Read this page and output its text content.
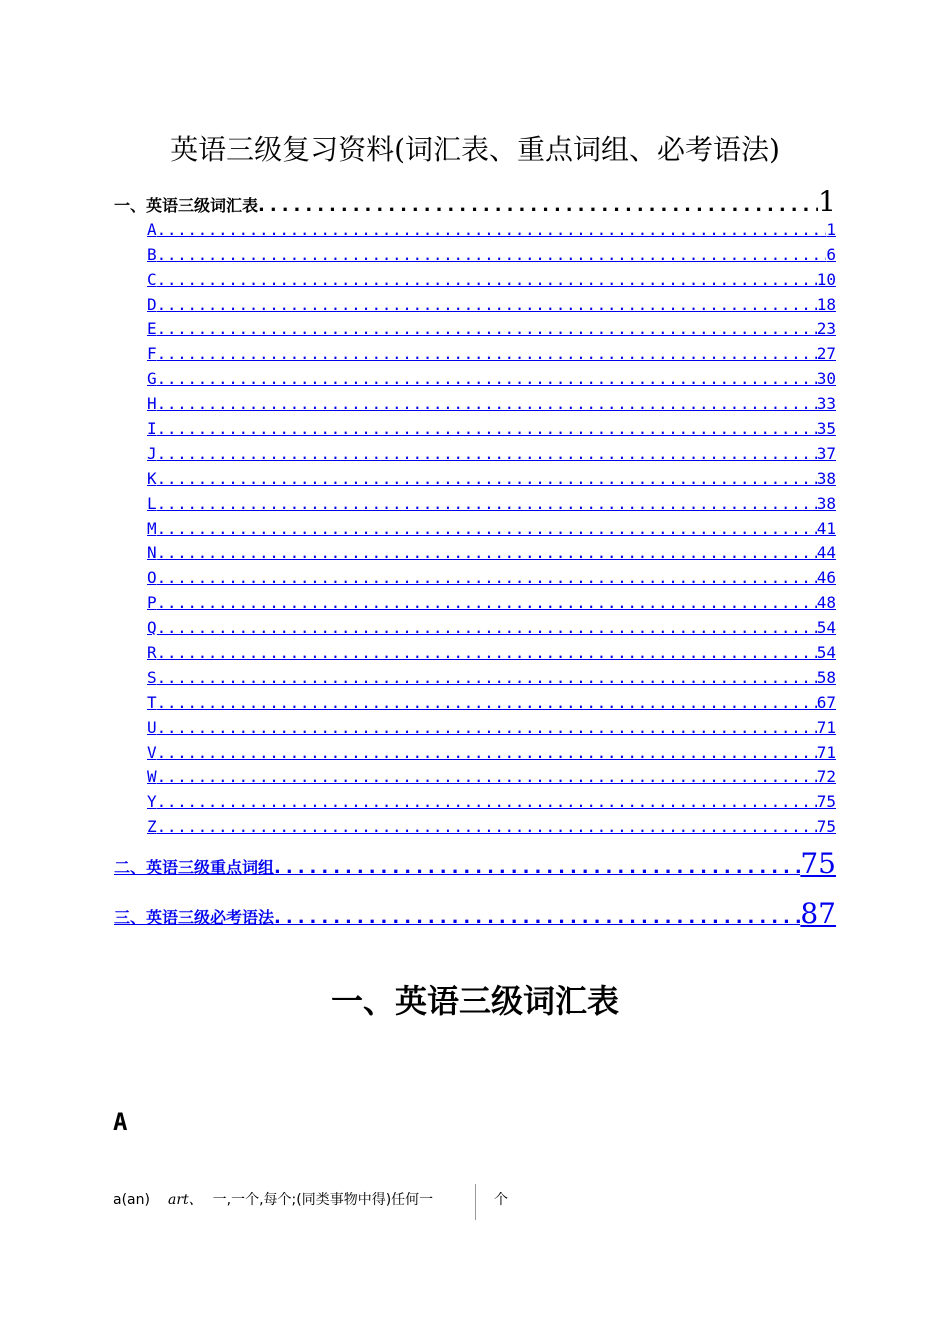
英语三级复习资料(词汇表、重点词组、必考语法)
一、英语三级词汇表 .....	1
A .....	1
B .....	6
C .....	10
D .....	18
E .....	23
F .....	27
G .....	30
H .....	33
I .....	35
J .....	37
K .....	38
L .....	38
M .....	41
N .....	44
O .....	46
P .....	48
Q .....	54
R .....	54
S .....	58
T .....	67
U .....	71
V .....	71
W .....	72
Y .....	75
Z .....	75
二、英语三级重点词组 .....	75
三、英语三级必考语法 .....	87
一、英语三级词汇表
A
a(an) art、 一,一个,每个;(同类事物中得)任何一	个
